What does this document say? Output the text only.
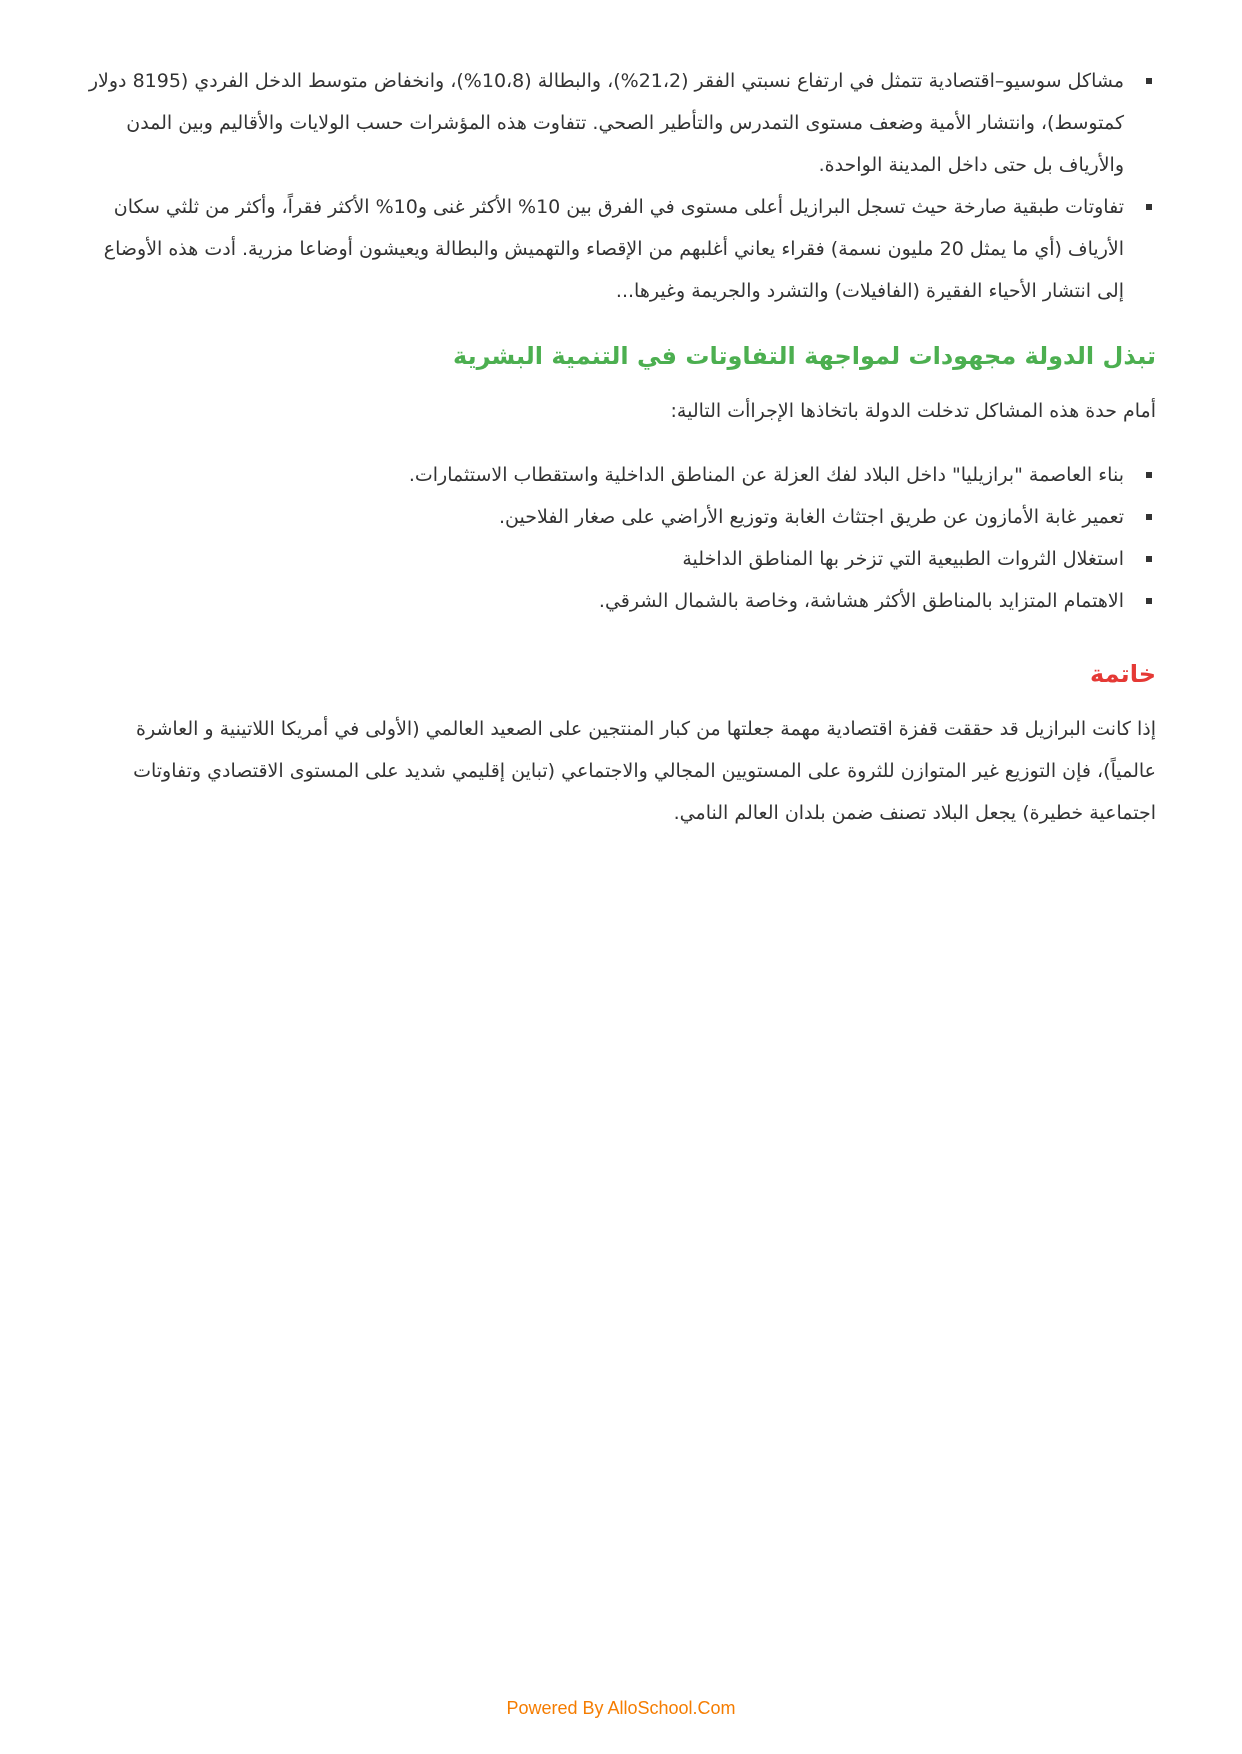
مشاكل سوسيو–اقتصادية تتمثل في ارتفاع نسبتي الفقر (21،2%)، والبطالة (10،8%)، وانخفاض متوسط الدخل الفردي (8195 دولار كمتوسط)، وانتشار الأمية وضعف مستوى التمدرس والتأطير الصحي. تتفاوت هذه المؤشرات حسب الولايات والأقاليم وبين المدن والأرياف بل حتى داخل المدينة الواحدة.
تفاوتات طبقية صارخة حيث تسجل البرازيل أعلى مستوى في الفرق بين 10% الأكثر غنى و10% الأكثر فقراً، وأكثر من ثلثي سكان الأرياف (أي ما يمثل 20 مليون نسمة) فقراء يعاني أغلبهم من الإقصاء والتهميش والبطالة ويعيشون أوضاعا مزرية. أدت هذه الأوضاع إلى انتشار الأحياء الفقيرة (الفافيلات) والتشرد والجريمة وغيرها...
تبذل الدولة مجهودات لمواجهة التفاوتات في التنمية البشرية

أمام حدة هذه المشاكل تدخلت الدولة باتخاذها الإجراأت التالية:

بناء العاصمة "برازيليا" داخل البلاد لفك العزلة عن المناطق الداخلية واستقطاب الاستثمارات.
تعمير غابة الأمازون عن طريق اجتثاث الغابة وتوزيع الأراضي على صغار الفلاحين.
استغلال الثروات الطبيعية التي تزخر بها المناطق الداخلية
الاهتمام المتزايد بالمناطق الأكثر هشاشة، وخاصة بالشمال الشرقي.
خاتمة

إذا كانت البرازيل قد حققت قفزة اقتصادية مهمة جعلتها من كبار المنتجين على الصعيد العالمي (الأولى في أمريكا اللاتينية و العاشرة عالمياً)، فإن التوزيع غير المتوازن للثروة على المستويين المجالي والاجتماعي (تباين إقليمي شديد على المستوى الاقتصادي وتفاوتات اجتماعية خطيرة) يجعل البلاد تصنف ضمن بلدان العالم النامي.

Powered By AlloSchool.Com
